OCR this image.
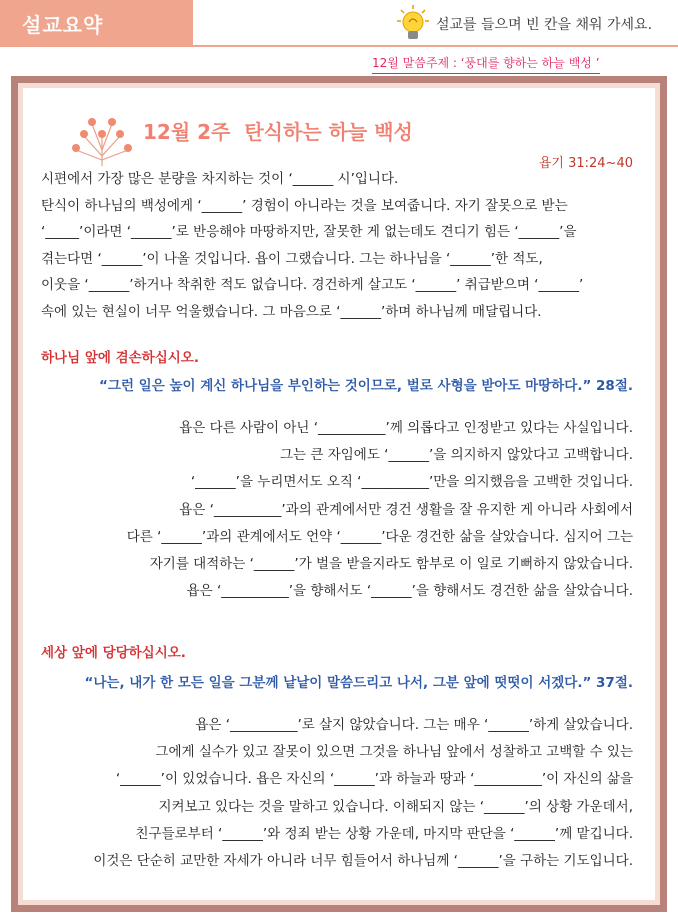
설교요약	설교를 들으며 빈 칸을 채워 가세요.
12월 말씀주제 : ‘풍대를 향하는 하늘 백성 ’
12월 2주 탄식하는 하늘 백성
욥기 31:24~40

시편에서 가장 많은 분량을 차지하는 것이 ‘______ 시’입니다.

탄식이 하나님의 백성에게 ‘______’ 경험이 아니라는 것을 보여줍니다. 자기 잘못으로 받는

‘_____’이라면 ‘______’로 반응해야 마땅하지만, 잘못한 게 없는데도 견디기 힘든 ‘______’을

겪는다면 ‘______’이 나올 것입니다. 욥이 그랬습니다. 그는 하나님을 ‘______’한 적도,

이웃을 ‘______’하거나 착취한 적도 없습니다. 경건하게 살고도 ‘______’ 취급받으며 ‘______’

속에 있는 현실이 너무 억울했습니다. 그 마음으로 ‘______’하며 하나님께 매달립니다.

하나님 앞에 겸손하십시오.
“그런 일은 높이 계신 하나님을 부인하는 것이므로, 벌로 사형을 받아도 마땅하다.” 28절.

욥은 다른 사람이 아닌 ‘__________’께 의롭다고 인정받고 있다는 사실입니다.

그는 큰 자임에도 ‘______’을 의지하지 않았다고 고백합니다.

‘______’을 누리면서도 오직 ‘__________’만을 의지했음을 고백한 것입니다.

욥은 ‘__________’과의 관계에서만 경건 생활을 잘 유지한 게 아니라 사회에서

다른 ‘______’과의 관계에서도 언약 ‘______’다운 경건한 삶을 살았습니다. 심지어 그는

자기를 대적하는 ‘______’가 벌을 받을지라도 함부로 이 일로 기뻐하지 않았습니다.

욥은 ‘__________’을 향해서도 ‘______’을 향해서도 경건한 삶을 살았습니다.

세상 앞에 당당하십시오.
“나는, 내가 한 모든 일을 그분께 낱낱이 말씀드리고 나서, 그분 앞에 떳떳이 서겠다.” 37절.

욥은 ‘__________’로 살지 않았습니다. 그는 매우 ‘______’하게 살았습니다.

그에게 실수가 있고 잘못이 있으면 그것을 하나님 앞에서 성찰하고 고백할 수 있는

‘______’이 있었습니다. 욥은 자신의 ‘______’과 하늘과 땅과 ‘__________’이 자신의 삶을

지켜보고 있다는 것을 말하고 있습니다. 이해되지 않는 ‘______’의 상황 가운데서,

친구들로부터 ‘______’와 정죄 받는 상황 가운데, 마지막 판단을 ‘______’께 맡깁니다.

이것은 단순히 교만한 자세가 아니라 너무 힘들어서 하나님께 ‘______’을 구하는 기도입니다.
